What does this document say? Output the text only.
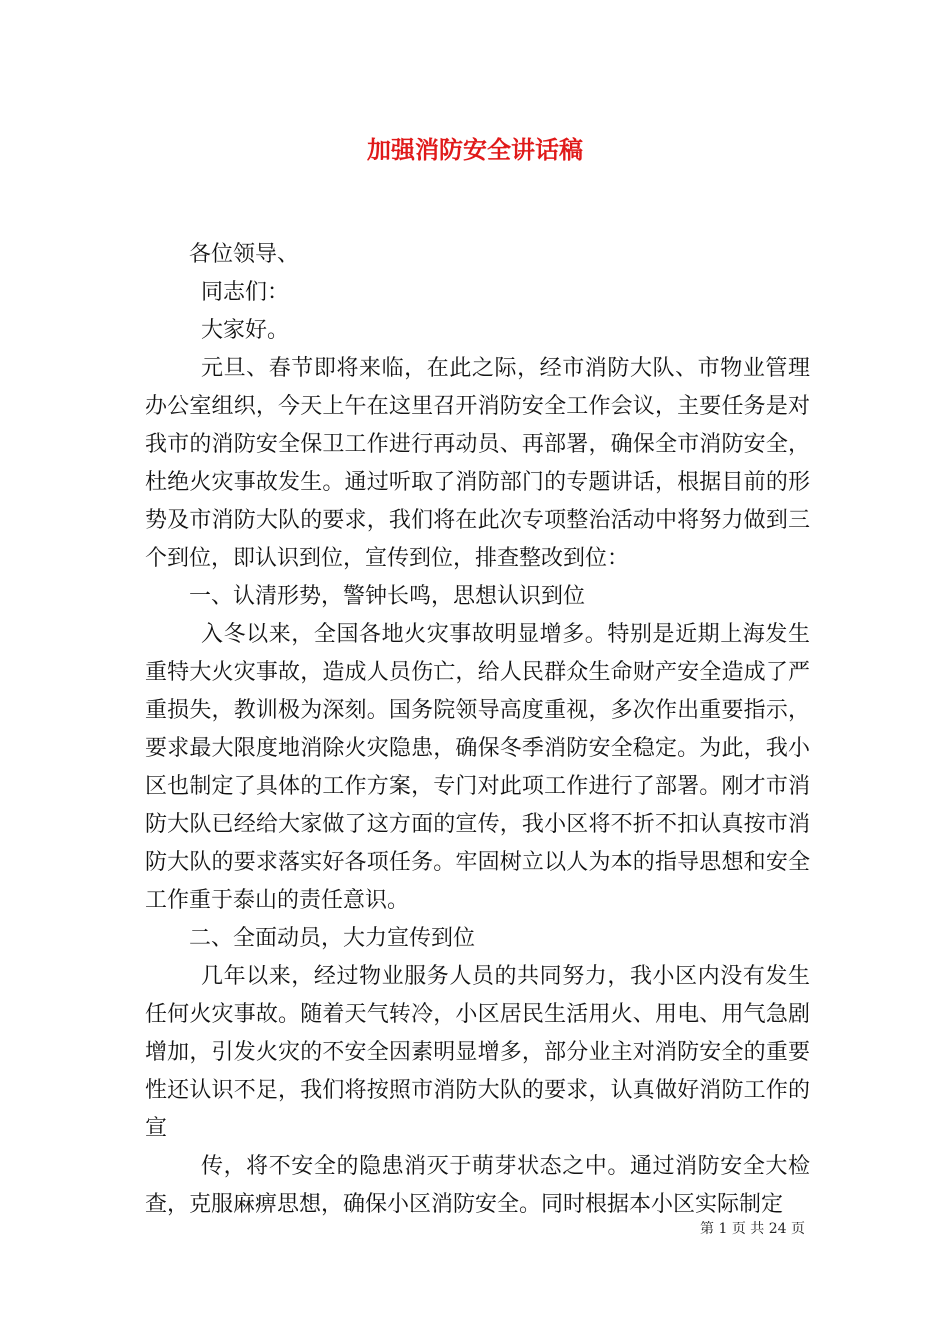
加强消防安全讲话稿

各位领导、

同志们：

大家好。

元旦、春节即将来临，在此之际，经市消防大队、市物业管理办公室组织，今天上午在这里召开消防安全工作会议，主要任务是对我市的消防安全保卫工作进行再动员、再部署，确保全市消防安全，杜绝火灾事故发生。通过听取了消防部门的专题讲话，根据目前的形势及市消防大队的要求，我们将在此次专项整治活动中将努力做到三个到位，即认识到位，宣传到位，排查整改到位：

一、认清形势，警钟长鸣，思想认识到位

入冬以来，全国各地火灾事故明显增多。特别是近期上海发生重特大火灾事故，造成人员伤亡，给人民群众生命财产安全造成了严重损失，教训极为深刻。国务院领导高度重视，多次作出重要指示，要求最大限度地消除火灾隐患，确保冬季消防安全稳定。为此，我小区也制定了具体的工作方案，专门对此项工作进行了部署。刚才市消防大队已经给大家做了这方面的宣传，我小区将不折不扣认真按市消防大队的要求落实好各项任务。牢固树立以人为本的指导思想和安全工作重于泰山的责任意识。

二、全面动员，大力宣传到位

几年以来，经过物业服务人员的共同努力，我小区内没有发生任何火灾事故。随着天气转冷，小区居民生活用火、用电、用气急剧增加，引发火灾的不安全因素明显增多，部分业主对消防安全的重要性还认识不足，我们将按照市消防大队的要求，认真做好消防工作的宣

传，将不安全的隐患消灭于萌芽状态之中。通过消防安全大检查，克服麻痹思想，确保小区消防安全。同时根据本小区实际制定

第 1 页 共 24 页
